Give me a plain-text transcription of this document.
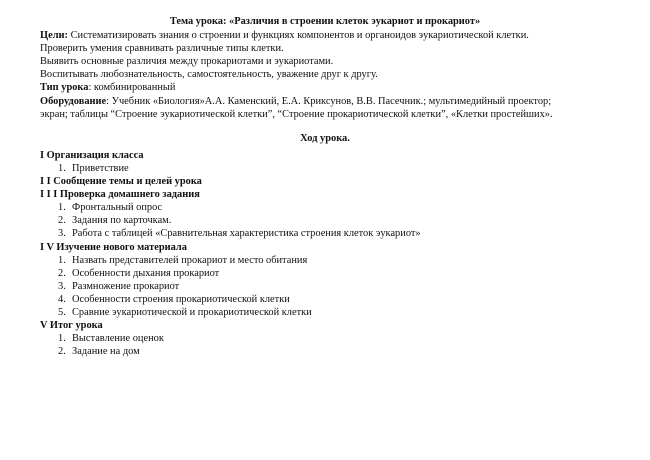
Тема урока: «Различия в строении клеток эукариот и прокариот»
Цели: Систематизировать знания о строении и функциях компонентов и органоидов эукариотической клетки.
Проверить умения сравнивать различные типы клетки.
Выявить основные различия между прокариотами и эукариотами.
Воспитывать любознательность, самостоятельность, уважение друг к другу.
Тип урока: комбинированный
Оборудование: Учебник «Биология»А.А. Каменский, Е.А. Криксунов, В.В. Пасечник.; мультимедийный проектор;
экран; таблицы “Строение эукариотической клетки”, “Строение прокариотической клетки”, «Клетки простейших».
Ход урока.
I Организация класса
1. Приветствие
I I Сообщение темы и целей урока
I I I Проверка домашнего задания
1. Фронтальный опрос
2. Задания по карточкам.
3. Работа с таблицей «Сравнительная характеристика строения клеток эукариот»
I V Изучение нового материала
1. Назвать представителей прокариот и место обитания
2. Особенности дыхания прокариот
3. Размножение прокариот
4. Особенности строения прокариотической клетки
5. Сравние эукариотической и прокариотической клетки
V Итог урока
1. Выставление оценок
2. Задание на дом
